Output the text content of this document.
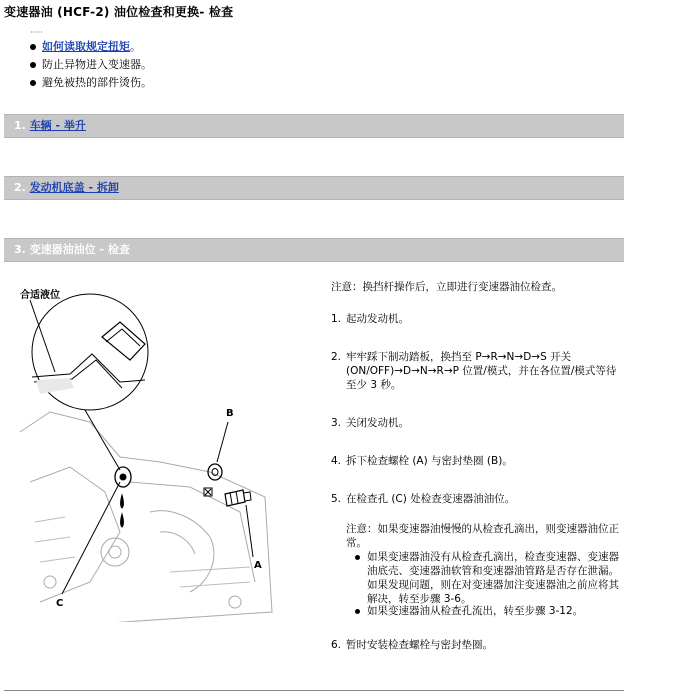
变速器油 (HCF-2) 油位检查和更换- 检查
·····
如何读取规定扭矩。
防止异物进入变速器。
避免被热的部件烫伤。
1. 车辆 - 举升
2. 发动机底盖 - 拆卸
3. 变速器油油位 - 检查
合适液位
B
A
C
注意：换挡杆操作后，立即进行变速器油位检查。
1. 起动发动机。
2. 牢牢踩下制动踏板，换挡至 P→R→N→D→S 开关
(ON/OFF)→D→N→R→P 位置/模式，并在各位置/模式等待
至少 3 秒。
3. 关闭发动机。
4. 拆下检查螺栓 (A) 与密封垫圈 (B)。
5. 在检查孔 (C) 处检查变速器油油位。
注意：如果变速器油慢慢的从检查孔滴出，则变速器油位正
常。
如果变速器油没有从检查孔滴出，检查变速器、变速器
油底壳、变速器油软管和变速器油管路是否存在泄漏。
如果发现问题，则在对变速器加注变速器油之前应将其
解决，转至步骤 3-6。
如果变速器油从检查孔流出，转至步骤 3-12。
6. 暂时安装检查螺栓与密封垫圈。
